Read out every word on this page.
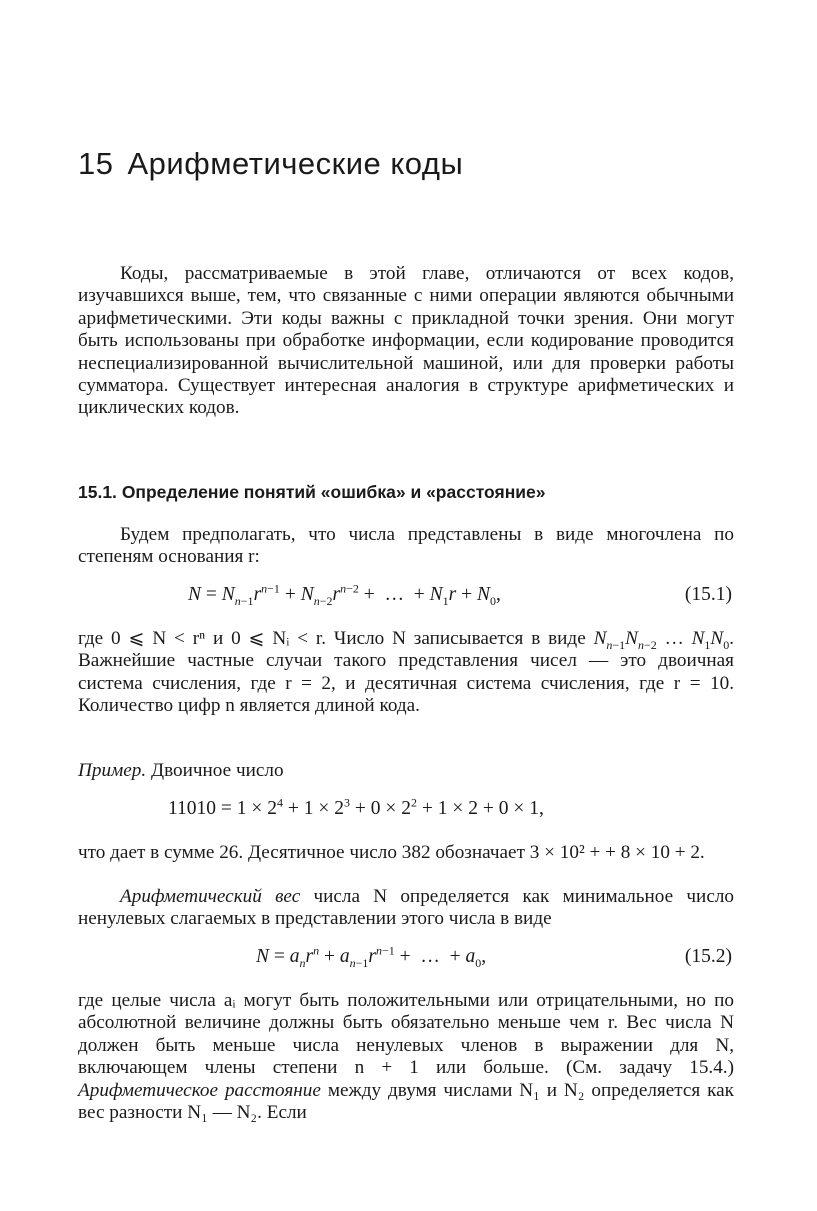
15 Арифметические коды

Коды, рассматриваемые в этой главе, отличаются от всех кодов, изучавшихся выше, тем, что связанные с ними операции являются обычными арифметическими. Эти коды важны с прикладной точки зрения. Они могут быть использованы при обработке информации, если кодирование проводится неспециализированной вычислительной машиной, или для проверки работы сумматора. Существует интересная аналогия в структуре арифметических и циклических кодов.

15.1. Определение понятий «ошибка» и «расстояние»

Будем предполагать, что числа представлены в виде многочлена по степеням основания r:

$N = N_{n-1}r^{n-1} + N_{n-2}r^{n-2}$ +  …  + $N_1r + N_0$,	(15.1)

где 0 ⩽ N < rⁿ и 0 ⩽ Nᵢ < r. Число N записывается в виде $N_{n-1}N_{n-2}$ … $N_1N_0$. Важнейшие частные случаи такого представления чисел — это двоичная система счисления, где r = 2, и десятичная система счисления, где r = 10. Количество цифр n является длиной кода.

Пример. Двоичное число

$11010 = 1 \times 2^4 + 1 \times 2^3 + 0 \times 2^2 + 1 \times 2 + 0 \times 1$,

что дает в сумме 26. Десятичное число 382 обозначает 3 × 10² + + 8 × 10 + 2.

Арифметический вес числа N определяется как минимальное число ненулевых слагаемых в представлении этого числа в виде

$N = a_nr^n + a_{n-1}r^{n-1}$ +  …  + $a_0$,	(15.2)

где целые числа aᵢ могут быть положительными или отрицательными, но по абсолютной величине должны быть обязательно меньше чем r. Вес числа N должен быть меньше числа ненулевых членов в выражении для N, включающем члены степени n + 1 или больше. (См. задачу 15.4.) Арифметическое расстояние между двумя числами N₁ и N₂ определяется как вес разности N₁ — N₂. Если
